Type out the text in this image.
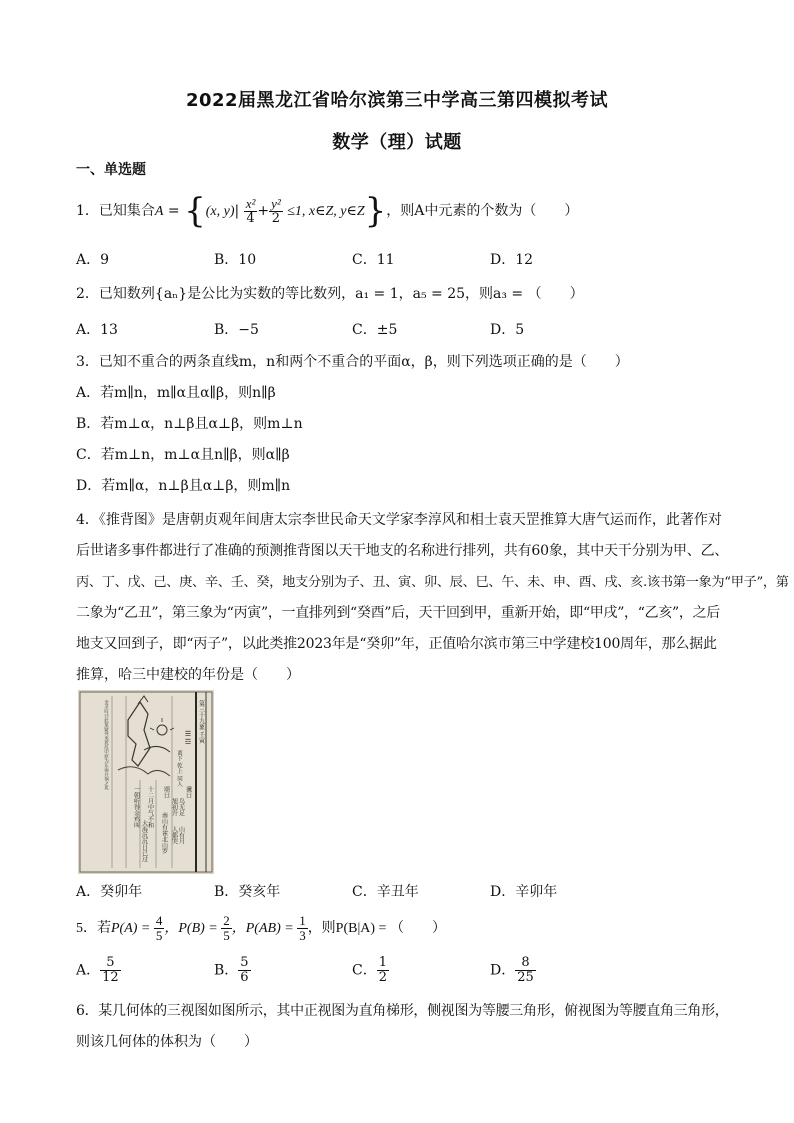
2022届黑龙江省哈尔滨第三中学高三第四模拟考试
数学（理）试题
一、单选题
1．已知集合A = {(x, $y)| \frac{\text{x²}}{4} + \frac{\text{y²}}{2} \le 1$, x∈Z, y∈Z}，则A中元素的个数为（　　）
A．9	B．10	C．11	D．12
2．已知数列{aₙ}是公比为实数的等比数列，a₁ = 1，a₅ = 25，则a₃ = （　　）
A．13	B．−5	C．±5	D．5
3．已知不重合的两条直线m，n和两个不重合的平面α，β，则下列选项正确的是（　　）
A．若m∥n，m∥α且α∥β，则n∥β
B．若m⊥α，n⊥β且α⊥β，则m⊥n
C．若m⊥n，m⊥α且n∥β，则α∥β
D．若m∥α，n⊥β且α⊥β，则m∥n
4．《推背图》是唐朝贞观年间唐太宗李世民命天文学家李淳风和相士袁天罡推算大唐气运而作，此著作对
后世诸多事件都进行了准确的预测推背图以天干地支的名称进行排列，共有60象，其中天干分别为甲、乙、
丙、丁、戊、己、庚、辛、壬、癸，地支分别为子、丑、寅、卯、辰、巳、午、未、申、酉、戌、亥.该书第一象为“甲子”，第
二象为“乙丑”，第三象为“丙寅”，一直排列到“癸酉”后，天干回到甲，重新开始，即“甲戌”，“乙亥”，之后
地支又回到子，即“丙子”，以此类推2023年是“癸卯”年，正值哈尔滨市第三中学建校100周年，那么据此
推算，哈三中建校的年份是（　　）
第三十九象 壬寅
☰☲
离下 乾上 同人
谶曰
鸟无足
山有月
旭初升
人都哭
颂曰
十二月中气不和
南山有雀北山罗
一朝听得金鸡叫
大海沉沉日已过
金圣叹曰此象疑外夷扰乱中原为东南兵祸之兆
A．癸卯年	B．癸亥年	C．辛丑年	D．辛卯年
5．若$P(A) = \frac{4}{5}$ ，$P(B) = \frac{2}{5}$ ，$P(AB) = \frac{1}{3}$ ，则P(B|A) = （　　）
A． $\frac{5}{12}$	B． $\frac{5}{6}$	C． $\frac{1}{2}$	D． $\frac{8}{25}$
6．某几何体的三视图如图所示，其中正视图为直角梯形，侧视图为等腰三角形，俯视图为等腰直角三角形，
则该几何体的体积为（　　）
